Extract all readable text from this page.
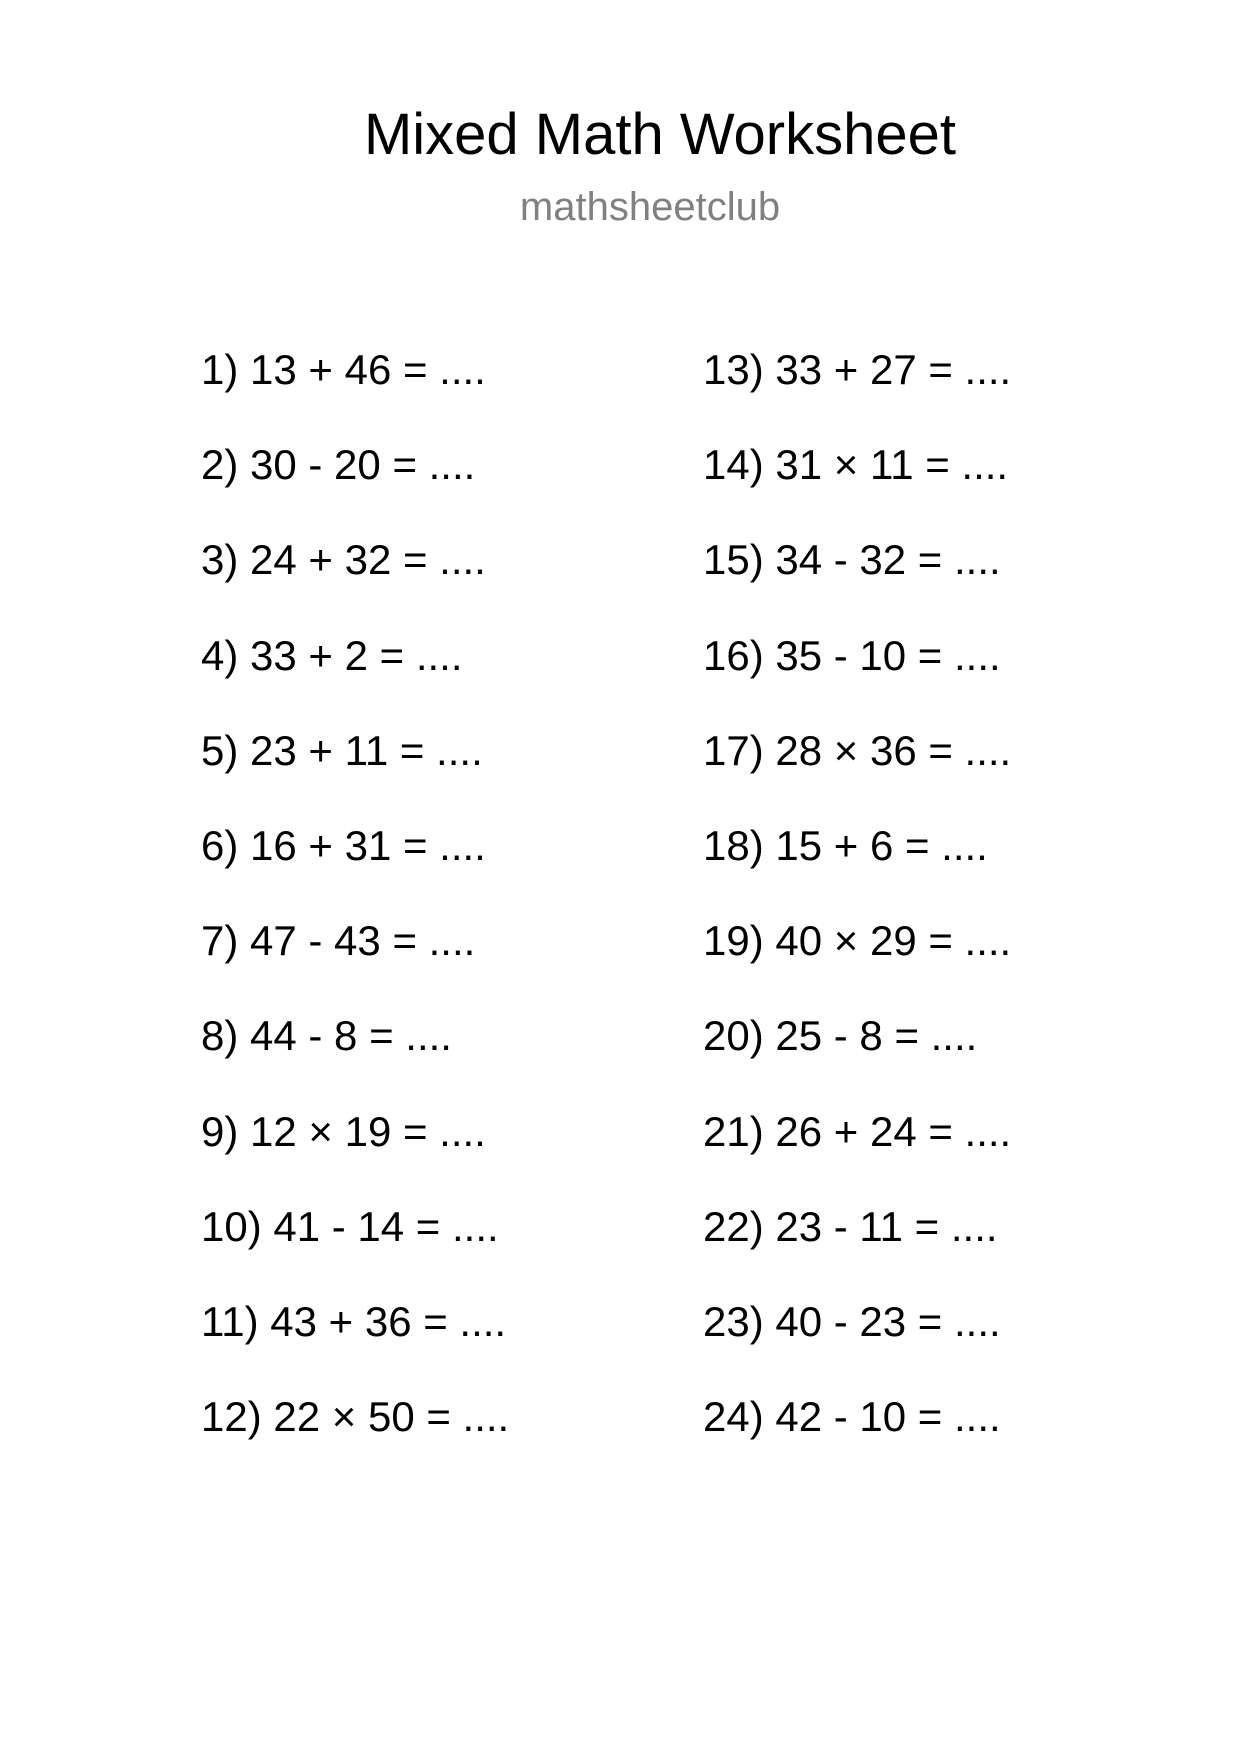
Mixed Math Worksheet
mathsheetclub
1) 13 + 46 = ....
2) 30 - 20 = ....
3) 24 + 32 = ....
4) 33 + 2 = ....
5) 23 + 11 = ....
6) 16 + 31 = ....
7) 47 - 43 = ....
8) 44 - 8 = ....
9) 12 × 19 = ....
10) 41 - 14 = ....
11) 43 + 36 = ....
12) 22 × 50 = ....
13) 33 + 27 = ....
14) 31 × 11 = ....
15) 34 - 32 = ....
16) 35 - 10 = ....
17) 28 × 36 = ....
18) 15 + 6 = ....
19) 40 × 29 = ....
20) 25 - 8 = ....
21) 26 + 24 = ....
22) 23 - 11 = ....
23) 40 - 23 = ....
24) 42 - 10 = ....
